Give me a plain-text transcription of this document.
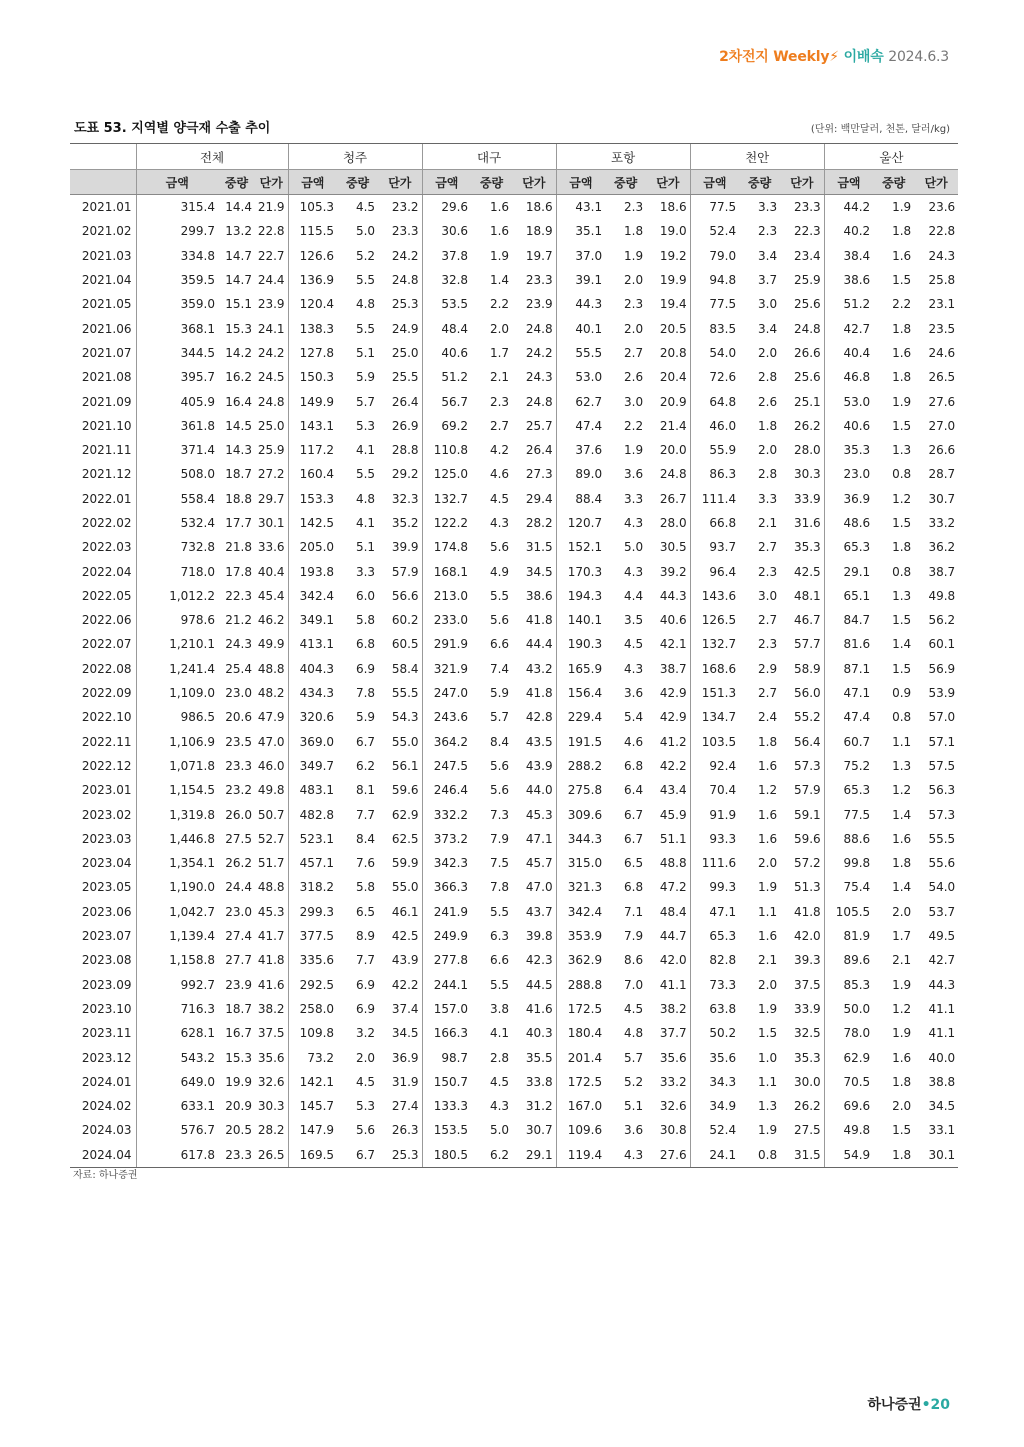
2차전지 Weekly⚡ 이배속 2024.6.3
도표 53. 지역별 양극재 수출 추이	(단위: 백만달러, 천톤, 달러/kg)
	전체			청주			대구			포항			천안			울산		
	금액	중량	단가	금액	중량	단가	금액	중량	단가	금액	중량	단가	금액	중량	단가	금액	중량	단가
2021.01	315.4	14.4	21.9	105.3	4.5	23.2	29.6	1.6	18.6	43.1	2.3	18.6	77.5	3.3	23.3	44.2	1.9	23.6
2021.02	299.7	13.2	22.8	115.5	5.0	23.3	30.6	1.6	18.9	35.1	1.8	19.0	52.4	2.3	22.3	40.2	1.8	22.8
2021.03	334.8	14.7	22.7	126.6	5.2	24.2	37.8	1.9	19.7	37.0	1.9	19.2	79.0	3.4	23.4	38.4	1.6	24.3
2021.04	359.5	14.7	24.4	136.9	5.5	24.8	32.8	1.4	23.3	39.1	2.0	19.9	94.8	3.7	25.9	38.6	1.5	25.8
2021.05	359.0	15.1	23.9	120.4	4.8	25.3	53.5	2.2	23.9	44.3	2.3	19.4	77.5	3.0	25.6	51.2	2.2	23.1
2021.06	368.1	15.3	24.1	138.3	5.5	24.9	48.4	2.0	24.8	40.1	2.0	20.5	83.5	3.4	24.8	42.7	1.8	23.5
2021.07	344.5	14.2	24.2	127.8	5.1	25.0	40.6	1.7	24.2	55.5	2.7	20.8	54.0	2.0	26.6	40.4	1.6	24.6
2021.08	395.7	16.2	24.5	150.3	5.9	25.5	51.2	2.1	24.3	53.0	2.6	20.4	72.6	2.8	25.6	46.8	1.8	26.5
2021.09	405.9	16.4	24.8	149.9	5.7	26.4	56.7	2.3	24.8	62.7	3.0	20.9	64.8	2.6	25.1	53.0	1.9	27.6
2021.10	361.8	14.5	25.0	143.1	5.3	26.9	69.2	2.7	25.7	47.4	2.2	21.4	46.0	1.8	26.2	40.6	1.5	27.0
2021.11	371.4	14.3	25.9	117.2	4.1	28.8	110.8	4.2	26.4	37.6	1.9	20.0	55.9	2.0	28.0	35.3	1.3	26.6
2021.12	508.0	18.7	27.2	160.4	5.5	29.2	125.0	4.6	27.3	89.0	3.6	24.8	86.3	2.8	30.3	23.0	0.8	28.7
2022.01	558.4	18.8	29.7	153.3	4.8	32.3	132.7	4.5	29.4	88.4	3.3	26.7	111.4	3.3	33.9	36.9	1.2	30.7
2022.02	532.4	17.7	30.1	142.5	4.1	35.2	122.2	4.3	28.2	120.7	4.3	28.0	66.8	2.1	31.6	48.6	1.5	33.2
2022.03	732.8	21.8	33.6	205.0	5.1	39.9	174.8	5.6	31.5	152.1	5.0	30.5	93.7	2.7	35.3	65.3	1.8	36.2
2022.04	718.0	17.8	40.4	193.8	3.3	57.9	168.1	4.9	34.5	170.3	4.3	39.2	96.4	2.3	42.5	29.1	0.8	38.7
2022.05	1,012.2	22.3	45.4	342.4	6.0	56.6	213.0	5.5	38.6	194.3	4.4	44.3	143.6	3.0	48.1	65.1	1.3	49.8
2022.06	978.6	21.2	46.2	349.1	5.8	60.2	233.0	5.6	41.8	140.1	3.5	40.6	126.5	2.7	46.7	84.7	1.5	56.2
2022.07	1,210.1	24.3	49.9	413.1	6.8	60.5	291.9	6.6	44.4	190.3	4.5	42.1	132.7	2.3	57.7	81.6	1.4	60.1
2022.08	1,241.4	25.4	48.8	404.3	6.9	58.4	321.9	7.4	43.2	165.9	4.3	38.7	168.6	2.9	58.9	87.1	1.5	56.9
2022.09	1,109.0	23.0	48.2	434.3	7.8	55.5	247.0	5.9	41.8	156.4	3.6	42.9	151.3	2.7	56.0	47.1	0.9	53.9
2022.10	986.5	20.6	47.9	320.6	5.9	54.3	243.6	5.7	42.8	229.4	5.4	42.9	134.7	2.4	55.2	47.4	0.8	57.0
2022.11	1,106.9	23.5	47.0	369.0	6.7	55.0	364.2	8.4	43.5	191.5	4.6	41.2	103.5	1.8	56.4	60.7	1.1	57.1
2022.12	1,071.8	23.3	46.0	349.7	6.2	56.1	247.5	5.6	43.9	288.2	6.8	42.2	92.4	1.6	57.3	75.2	1.3	57.5
2023.01	1,154.5	23.2	49.8	483.1	8.1	59.6	246.4	5.6	44.0	275.8	6.4	43.4	70.4	1.2	57.9	65.3	1.2	56.3
2023.02	1,319.8	26.0	50.7	482.8	7.7	62.9	332.2	7.3	45.3	309.6	6.7	45.9	91.9	1.6	59.1	77.5	1.4	57.3
2023.03	1,446.8	27.5	52.7	523.1	8.4	62.5	373.2	7.9	47.1	344.3	6.7	51.1	93.3	1.6	59.6	88.6	1.6	55.5
2023.04	1,354.1	26.2	51.7	457.1	7.6	59.9	342.3	7.5	45.7	315.0	6.5	48.8	111.6	2.0	57.2	99.8	1.8	55.6
2023.05	1,190.0	24.4	48.8	318.2	5.8	55.0	366.3	7.8	47.0	321.3	6.8	47.2	99.3	1.9	51.3	75.4	1.4	54.0
2023.06	1,042.7	23.0	45.3	299.3	6.5	46.1	241.9	5.5	43.7	342.4	7.1	48.4	47.1	1.1	41.8	105.5	2.0	53.7
2023.07	1,139.4	27.4	41.7	377.5	8.9	42.5	249.9	6.3	39.8	353.9	7.9	44.7	65.3	1.6	42.0	81.9	1.7	49.5
2023.08	1,158.8	27.7	41.8	335.6	7.7	43.9	277.8	6.6	42.3	362.9	8.6	42.0	82.8	2.1	39.3	89.6	2.1	42.7
2023.09	992.7	23.9	41.6	292.5	6.9	42.2	244.1	5.5	44.5	288.8	7.0	41.1	73.3	2.0	37.5	85.3	1.9	44.3
2023.10	716.3	18.7	38.2	258.0	6.9	37.4	157.0	3.8	41.6	172.5	4.5	38.2	63.8	1.9	33.9	50.0	1.2	41.1
2023.11	628.1	16.7	37.5	109.8	3.2	34.5	166.3	4.1	40.3	180.4	4.8	37.7	50.2	1.5	32.5	78.0	1.9	41.1
2023.12	543.2	15.3	35.6	73.2	2.0	36.9	98.7	2.8	35.5	201.4	5.7	35.6	35.6	1.0	35.3	62.9	1.6	40.0
2024.01	649.0	19.9	32.6	142.1	4.5	31.9	150.7	4.5	33.8	172.5	5.2	33.2	34.3	1.1	30.0	70.5	1.8	38.8
2024.02	633.1	20.9	30.3	145.7	5.3	27.4	133.3	4.3	31.2	167.0	5.1	32.6	34.9	1.3	26.2	69.6	2.0	34.5
2024.03	576.7	20.5	28.2	147.9	5.6	26.3	153.5	5.0	30.7	109.6	3.6	30.8	52.4	1.9	27.5	49.8	1.5	33.1
2024.04	617.8	23.3	26.5	169.5	6.7	25.3	180.5	6.2	29.1	119.4	4.3	27.6	24.1	0.8	31.5	54.9	1.8	30.1
자료: 하나증권
하나증권•20
